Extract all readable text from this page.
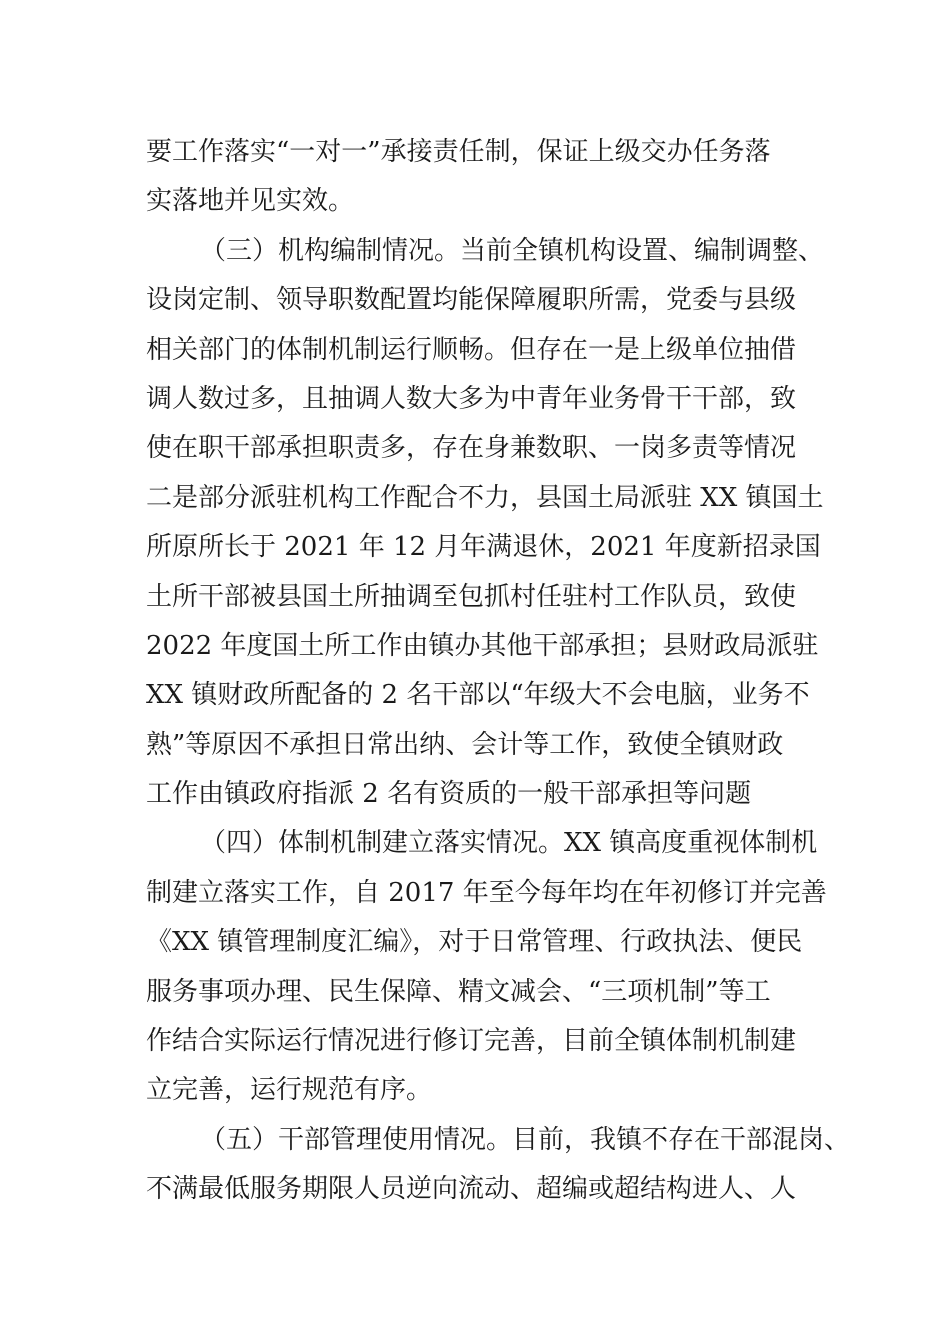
要工作落实“一对一”承接责任制，保证上级交办任务落
实落地并见实效。
（三）机构编制情况。当前全镇机构设置、编制调整、
设岗定制、领导职数配置均能保障履职所需，党委与县级
相关部门的体制机制运行顺畅。但存在一是上级单位抽借
调人数过多，且抽调人数大多为中青年业务骨干干部，致
使在职干部承担职责多，存在身兼数职、一岗多责等情况
二是部分派驻机构工作配合不力，县国土局派驻 XX 镇国土
所原所长于 2021 年 12 月年满退休，2021 年度新招录国
土所干部被县国土所抽调至包抓村任驻村工作队员，致使
2022 年度国土所工作由镇办其他干部承担；县财政局派驻
XX 镇财政所配备的 2 名干部以“年级大不会电脑，业务不
熟”等原因不承担日常出纳、会计等工作，致使全镇财政
工作由镇政府指派 2 名有资质的一般干部承担等问题
（四）体制机制建立落实情况。XX 镇高度重视体制机
制建立落实工作，自 2017 年至今每年均在年初修订并完善
《XX 镇管理制度汇编》，对于日常管理、行政执法、便民
服务事项办理、民生保障、精文减会、“三项机制”等工
作结合实际运行情况进行修订完善，目前全镇体制机制建
立完善，运行规范有序。
（五）干部管理使用情况。目前，我镇不存在干部混岗、
不满最低服务期限人员逆向流动、超编或超结构进人、人
